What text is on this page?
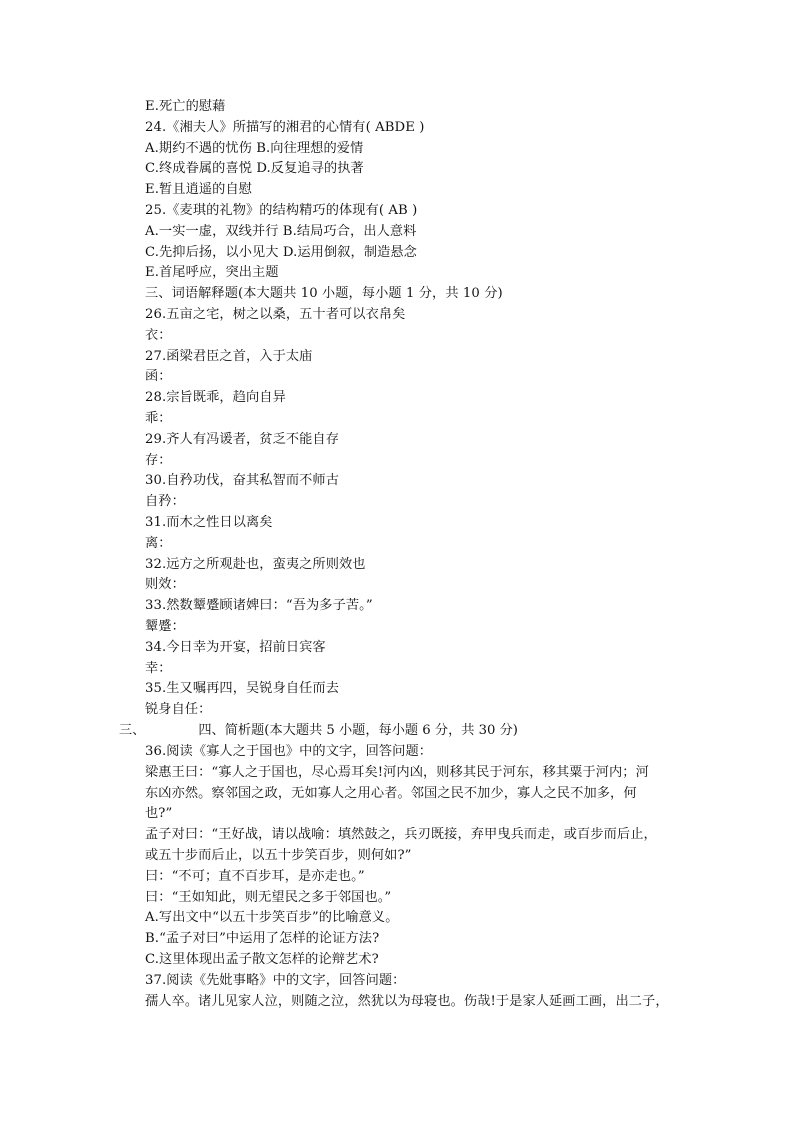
E.死亡的慰藉
24.《湘夫人》所描写的湘君的心情有( ABDE )
A.期约不遇的忧伤 B.向往理想的爱情
C.终成眷属的喜悦 D.反复追寻的执著
E.暂且逍遥的自慰
25.《麦琪的礼物》的结构精巧的体现有( AB )
A.一实一虚，双线并行 B.结局巧合，出人意料
C.先抑后扬，以小见大 D.运用倒叙，制造悬念
E.首尾呼应，突出主题
三、词语解释题(本大题共 10 小题，每小题 1 分，共 10 分)
26.五亩之宅，树之以桑，五十者可以衣帛矣
衣：
27.函梁君臣之首，入于太庙
函：
28.宗旨既乖，趋向自异
乖：
29.齐人有冯谖者，贫乏不能自存
存：
30.自矜功伐，奋其私智而不师古
自矜：
31.而木之性日以离矣
离：
32.远方之所观赴也，蛮夷之所则效也
则效：
33.然数颦蹙顾诸婢曰：“吾为多子苦。”
颦蹙：
34.今日幸为开宴，招前日宾客
幸：
35.生又嘱再四，吴锐身自任而去
锐身自任：
三、	四、简析题(本大题共 5 小题，每小题 6 分，共 30 分)
36.阅读《寡人之于国也》中的文字，回答问题：
梁惠王曰：“寡人之于国也，尽心焉耳矣!河内凶，则移其民于河东，移其粟于河内；河
东凶亦然。察邻国之政，无如寡人之用心者。邻国之民不加少，寡人之民不加多，何
也?”
孟子对曰：“王好战，请以战喻：填然鼓之，兵刃既接，弃甲曳兵而走，或百步而后止，
或五十步而后止，以五十步笑百步，则何如?”
曰：“不可；直不百步耳，是亦走也。”
曰：“王如知此，则无望民之多于邻国也。”
A.写出文中“以五十步笑百步”的比喻意义。
B.“孟子对曰”中运用了怎样的论证方法?
C.这里体现出孟子散文怎样的论辩艺术?
37.阅读《先妣事略》中的文字，回答问题：
孺人卒。诸儿见家人泣，则随之泣，然犹以为母寝也。伤哉!于是家人延画工画，出二子，
